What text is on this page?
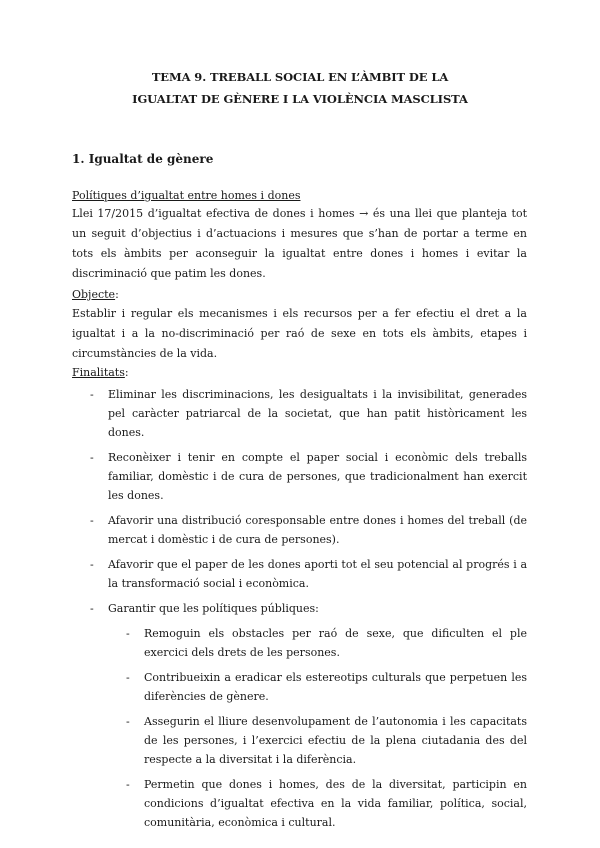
TEMA 9. TREBALL SOCIAL EN L’ÀMBIT DE LA
IGUALTAT DE GÈNERE I LA VIOLÈNCIA MASCLISTA
1. Igualtat de gènere
Polítiques d’igualtat entre homes i dones

Llei 17/2015 d’igualtat efectiva de dones i homes → és una llei que planteja tot un seguit d’objectius i d’actuacions i mesures que s’han de portar a terme en tots els àmbits per aconseguir la igualtat entre dones i homes i evitar la discriminació que patim les dones.

Objecte:

Establir i regular els mecanismes i els recursos per a fer efectiu el dret a la igualtat i a la no-discriminació per raó de sexe en tots els àmbits, etapes i circumstàncies de la vida.

Finalitats:
- Eliminar les discriminacions, les desigualtats i la invisibilitat, generades pel caràcter patriarcal de la societat, que han patit històricament les dones.
- Reconèixer i tenir en compte el paper social i econòmic dels treballs familiar, domèstic i de cura de persones, que tradicionalment han exercit les dones.
- Afavorir una distribució coresponsable entre dones i homes del treball (de mercat i domèstic i de cura de persones).
- Afavorir que el paper de les dones aporti tot el seu potencial al progrés i a la transformació social i econòmica.
- Garantir que les polítiques públiques:
- Remoguin els obstacles per raó de sexe, que dificulten el ple exercici dels drets de les persones.
- Contribueixin a eradicar els estereotips culturals que perpetuen les diferències de gènere.
- Assegurin el lliure desenvolupament de l’autonomia i les capacitats de les persones, i l’exercici efectiu de la plena ciutadania des del respecte a la diversitat i la diferència.
- Permetin que dones i homes, des de la diversitat, participin en condicions d’igualtat efectiva en la vida familiar, política, social, comunitària, econòmica i cultural.
